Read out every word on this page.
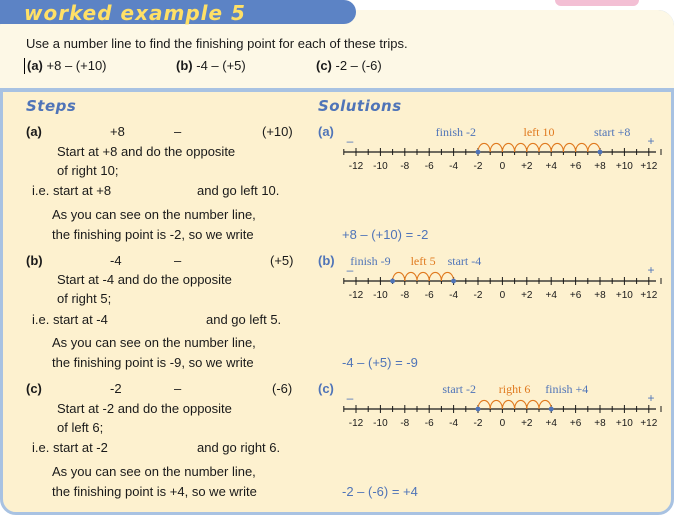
worked example 5
Use a number line to find the finishing point for each of these trips.
(a) +8 – (+10)	(b) -4 – (+5)	(c) -2 – (-6)
Steps	Solutions
(a)	+8	–	(+10)
Start at +8 and do the opposite
of right 10;
i.e. start at +8	and go left 10.
As you can see on the number line,
the finishing point is -2, so we write
(a)
+8 – (+10) = -2
-12 -10 -8 -6 -4 -2 0 +2 +4 +6 +8 +10 +12
–	+
finish -2	left 10	start +8
(b)	-4	–	(+5)
Start at -4 and do the opposite
of right 5;
i.e. start at -4	and go left 5.
As you can see on the number line,
the finishing point is -9, so we write
(b)
-4 – (+5) = -9
-12 -10 -8 -6 -4 -2 0 +2 +4 +6 +8 +10 +12
–	+
finish -9 left 5 start -4
(c)	-2	–	(-6)
Start at -2 and do the opposite
of left 6;
i.e. start at -2	and go right 6.
As you can see on the number line,
the finishing point is +4, so we write
(c)
-2 – (-6) = +4
-12 -10 -8 -6 -4 -2 0 +2 +4 +6 +8 +10 +12
–	+
start -2 right 6 finish +4
